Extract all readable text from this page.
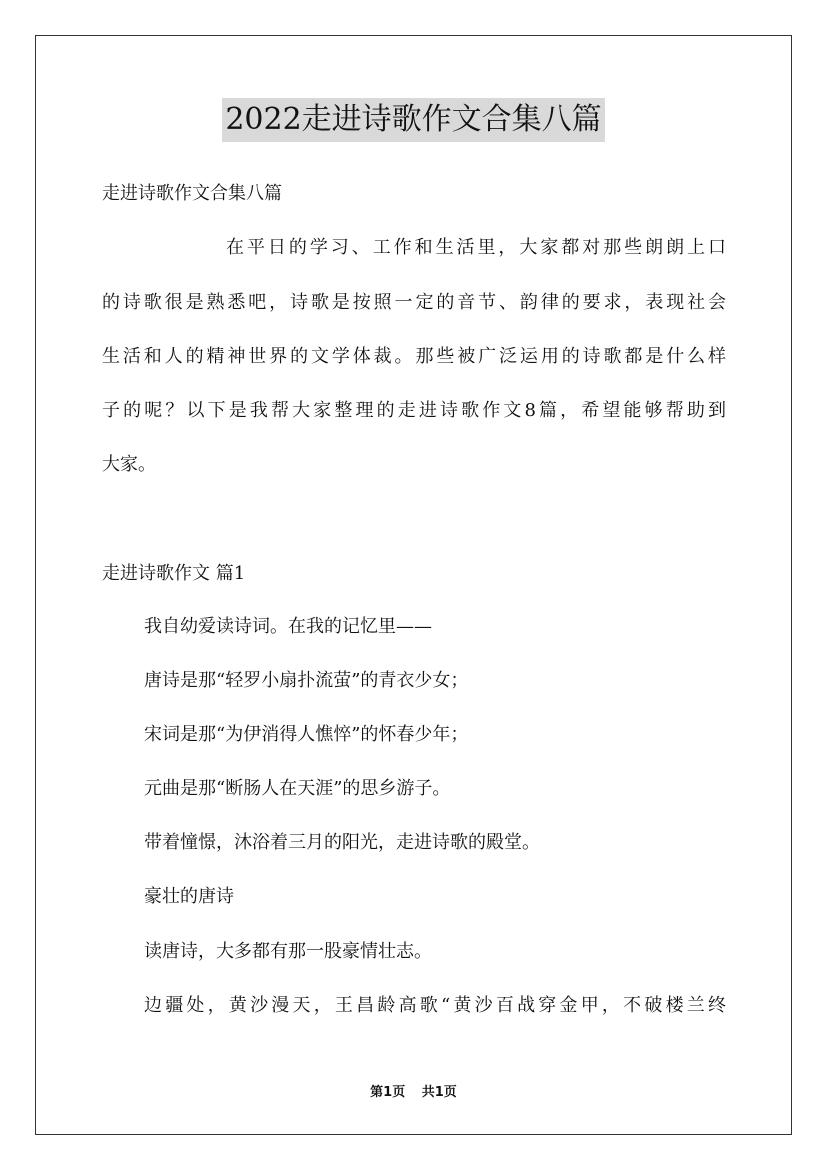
2022走进诗歌作文合集八篇
走进诗歌作文合集八篇
在平日的学习、工作和生活里，大家都对那些朗朗上口
的诗歌很是熟悉吧，诗歌是按照一定的音节、韵律的要求，表现社会
生活和人的精神世界的文学体裁。那些被广泛运用的诗歌都是什么样
子的呢？以下是我帮大家整理的走进诗歌作文8篇，希望能够帮助到
大家。
走进诗歌作文 篇1
我自幼爱读诗词。在我的记忆里——
唐诗是那“轻罗小扇扑流萤”的青衣少女；
宋词是那“为伊消得人憔悴”的怀春少年；
元曲是那“断肠人在天涯”的思乡游子。
带着憧憬，沐浴着三月的阳光，走进诗歌的殿堂。
豪壮的唐诗
读唐诗，大多都有那一股豪情壮志。
边疆处，黄沙漫天，王昌龄高歌“黄沙百战穿金甲，不破楼兰终
第1页 共1页
